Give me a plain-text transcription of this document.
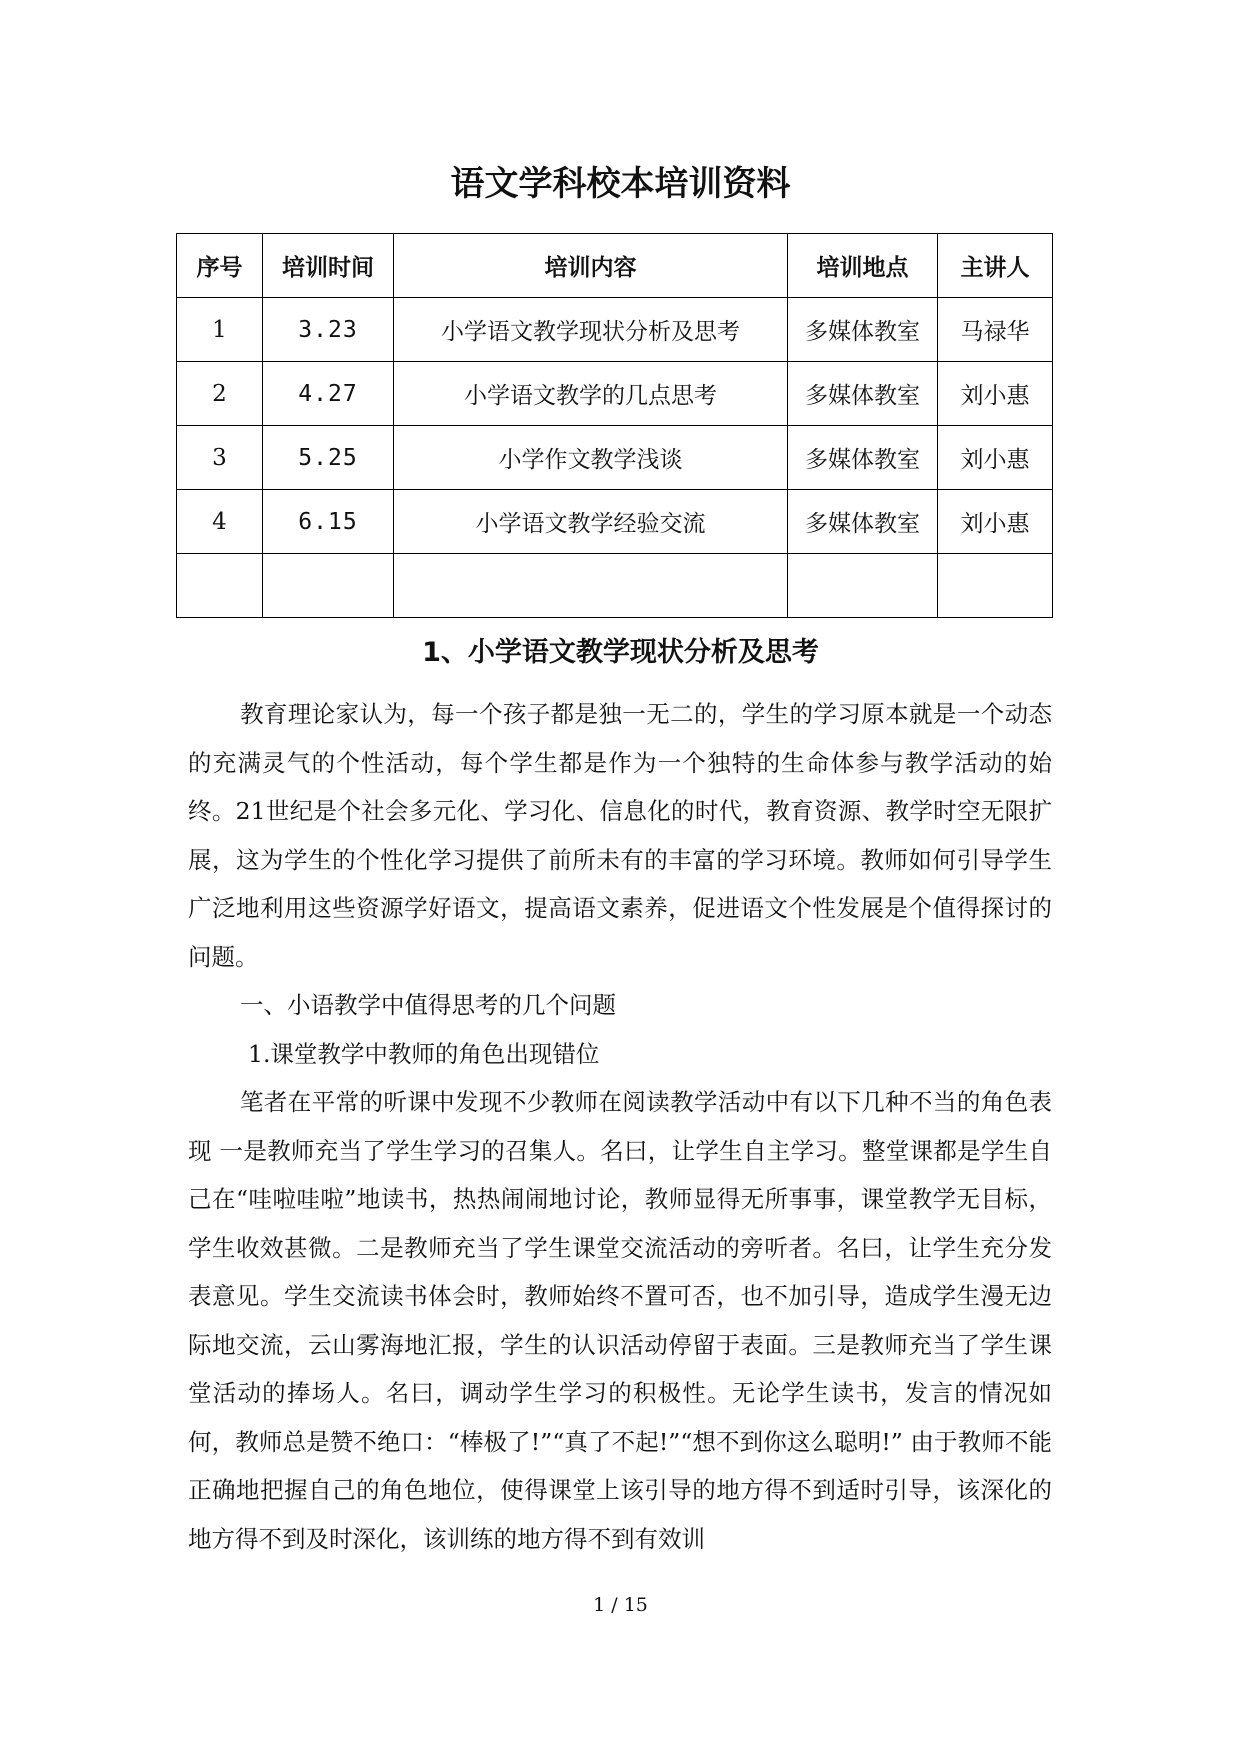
语文学科校本培训资料
序号	培训时间	培训内容	培训地点	主讲人
1	3.23	小学语文教学现状分析及思考	多媒体教室	马禄华
2	4.27	小学语文教学的几点思考	多媒体教室	刘小惠
3	5.25	小学作文教学浅谈	多媒体教室	刘小惠
4	6.15	小学语文教学经验交流	多媒体教室	刘小惠

1、小学语文教学现状分析及思考

教育理论家认为，每一个孩子都是独一无二的，学生的学习原本就是一个动态的充满灵气的个性活动，每个学生都是作为一个独特的生命体参与教学活动的始终。21世纪是个社会多元化、学习化、信息化的时代，教育资源、教学时空无限扩展，这为学生的个性化学习提供了前所未有的丰富的学习环境。教师如何引导学生广泛地利用这些资源学好语文，提高语文素养，促进语文个性发展是个值得探讨的问题。

一、小语教学中值得思考的几个问题

1.课堂教学中教师的角色出现错位

笔者在平常的听课中发现不少教师在阅读教学活动中有以下几种不当的角色表现 一是教师充当了学生学习的召集人。名曰，让学生自主学习。整堂课都是学生自己在“哇啦哇啦”地读书，热热闹闹地讨论，教师显得无所事事，课堂教学无目标，学生收效甚微。二是教师充当了学生课堂交流活动的旁听者。名曰，让学生充分发表意见。学生交流读书体会时，教师始终不置可否，也不加引导，造成学生漫无边际地交流，云山雾海地汇报，学生的认识活动停留于表面。三是教师充当了学生课堂活动的捧场人。名曰，调动学生学习的积极性。无论学生读书，发言的情况如何，教师总是赞不绝口：“棒极了!”“真了不起!”“想不到你这么聪明!” 由于教师不能正确地把握自己的角色地位，使得课堂上该引导的地方得不到适时引导，该深化的地方得不到及时深化，该训练的地方得不到有效训

1 / 15
